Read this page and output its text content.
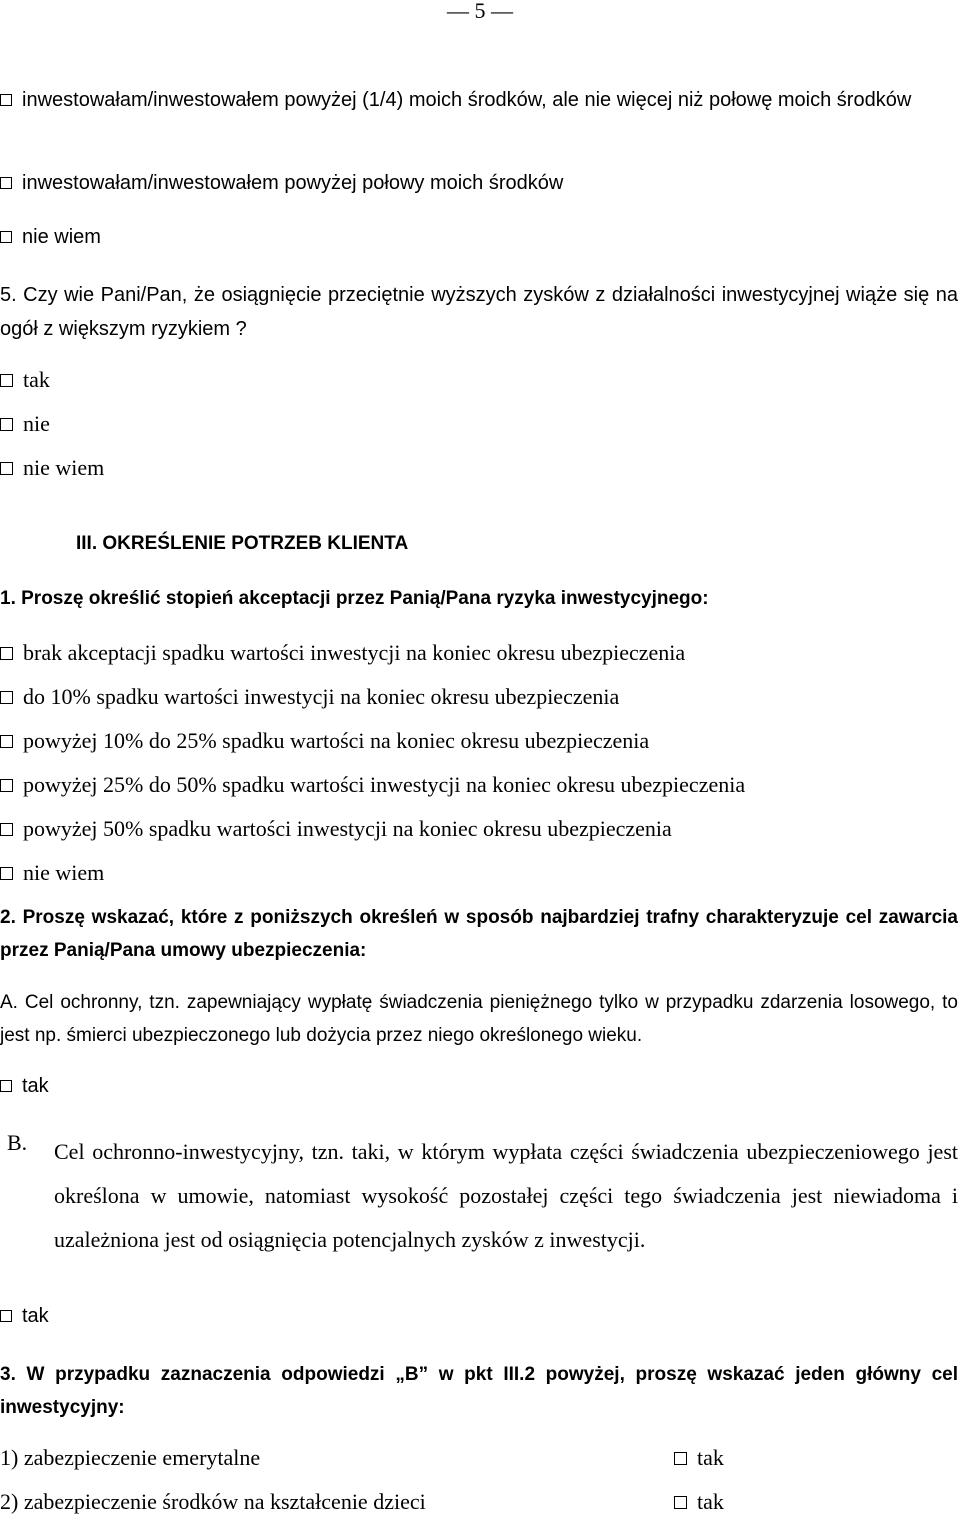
— 5 —
inwestowałam/inwestowałem powyżej (1/4) moich środków, ale nie więcej niż połowę moich środków
inwestowałam/inwestowałem powyżej połowy moich środków
nie wiem
5. Czy wie Pani/Pan, że osiągnięcie przeciętnie wyższych zysków z działalności inwestycyjnej wiąże się na ogół z większym ryzykiem ?
tak
nie
nie wiem
III. OKREŚLENIE POTRZEB KLIENTA
1. Proszę określić stopień akceptacji przez Panią/Pana ryzyka inwestycyjnego:
brak akceptacji spadku wartości inwestycji na koniec okresu ubezpieczenia
do 10% spadku wartości inwestycji na koniec okresu ubezpieczenia
powyżej 10% do 25% spadku wartości na koniec okresu ubezpieczenia
powyżej 25% do 50% spadku wartości inwestycji na koniec okresu ubezpieczenia
powyżej 50% spadku wartości inwestycji na koniec okresu ubezpieczenia
nie wiem
2. Proszę wskazać, które z poniższych określeń w sposób najbardziej trafny charakteryzuje cel zawarcia przez Panią/Pana umowy ubezpieczenia:
A. Cel ochronny, tzn. zapewniający wypłatę świadczenia pieniężnego tylko w przypadku zdarzenia losowego, to jest np. śmierci ubezpieczonego lub dożycia przez niego określonego wieku.
tak
B. Cel ochronno-inwestycyjny, tzn. taki, w którym wypłata części świadczenia ubezpieczeniowego jest określona w umowie, natomiast wysokość pozostałej części tego świadczenia jest niewiadoma i uzależniona jest od osiągnięcia potencjalnych zysków z inwestycji.
tak
3. W przypadku zaznaczenia odpowiedzi „B” w pkt III.2 powyżej, proszę wskazać jeden główny cel inwestycyjny:
1) zabezpieczenie emerytalne	tak
2) zabezpieczenie środków na kształcenie dzieci	tak
